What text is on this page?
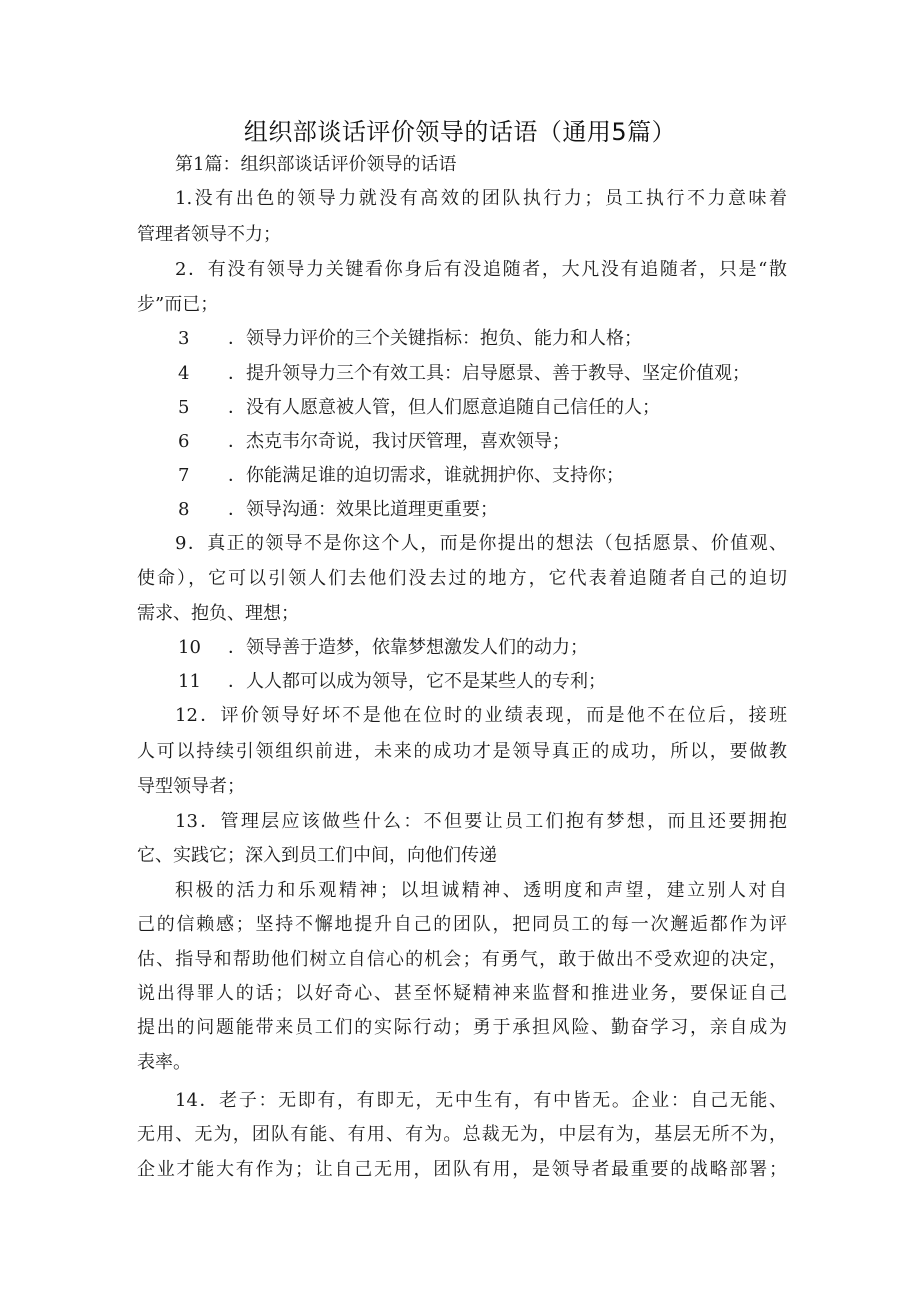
组织部谈话评价领导的话语（通用5篇）
第1篇：组织部谈话评价领导的话语
1.没有出色的领导力就没有高效的团队执行力；员工执行不力意味着
管理者领导不力；
2．有没有领导力关键看你身后有没追随者，大凡没有追随者，只是“散
步”而已；
3 ．领导力评价的三个关键指标：抱负、能力和人格；
4 ．提升领导力三个有效工具：启导愿景、善于教导、坚定价值观；
5 ．没有人愿意被人管，但人们愿意追随自己信任的人；
6 ．杰克韦尔奇说，我讨厌管理，喜欢领导；
7 ．你能满足谁的迫切需求，谁就拥护你、支持你；
8 ．领导沟通：效果比道理更重要；
9．真正的领导不是你这个人，而是你提出的想法（包括愿景、价值观、
使命），它可以引领人们去他们没去过的地方，它代表着追随者自己的迫切
需求、抱负、理想；
10 ．领导善于造梦，依靠梦想激发人们的动力；
11 ．人人都可以成为领导，它不是某些人的专利；
12．评价领导好坏不是他在位时的业绩表现，而是他不在位后，接班
人可以持续引领组织前进，未来的成功才是领导真正的成功，所以，要做教
导型领导者；
13．管理层应该做些什么：不但要让员工们抱有梦想，而且还要拥抱
它、实践它；深入到员工们中间，向他们传递
积极的活力和乐观精神；以坦诚精神、透明度和声望，建立别人对自
己的信赖感；坚持不懈地提升自己的团队，把同员工的每一次邂逅都作为评
估、指导和帮助他们树立自信心的机会；有勇气，敢于做出不受欢迎的决定，
说出得罪人的话；以好奇心、甚至怀疑精神来监督和推进业务，要保证自己
提出的问题能带来员工们的实际行动；勇于承担风险、勤奋学习，亲自成为
表率。
14．老子：无即有，有即无，无中生有，有中皆无。企业：自己无能、
无用、无为，团队有能、有用、有为。总裁无为，中层有为，基层无所不为，
企业才能大有作为；让自己无用，团队有用，是领导者最重要的战略部署；
